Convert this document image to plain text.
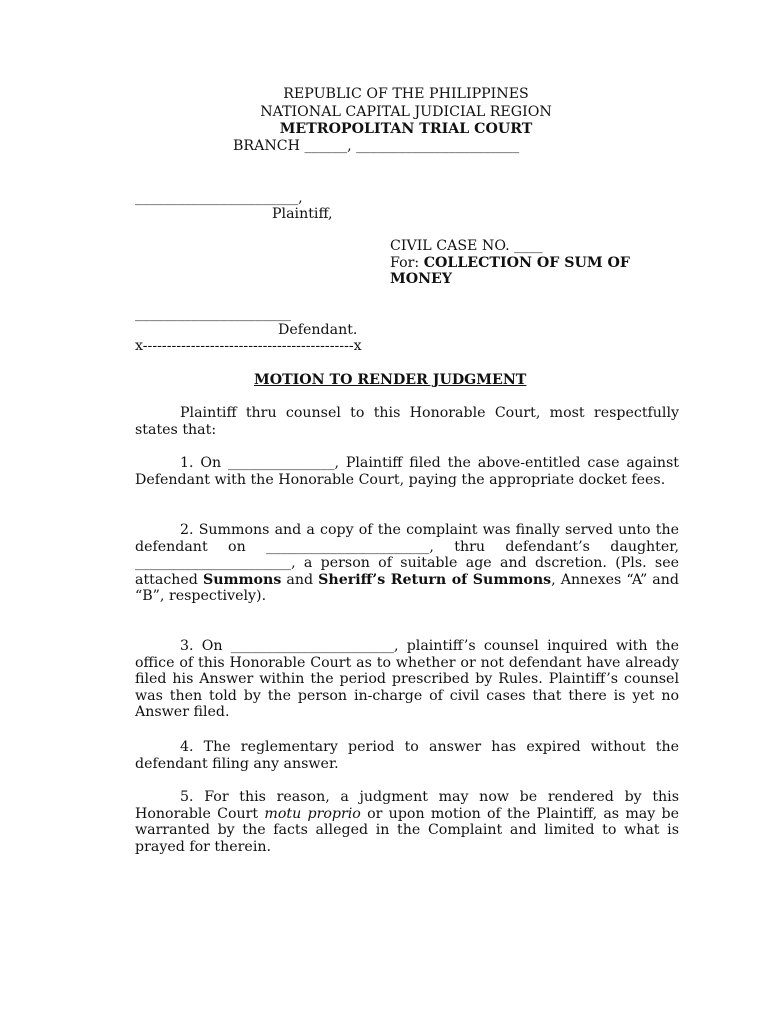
REPUBLIC OF THE PHILIPPINES
NATIONAL CAPITAL JUDICIAL REGION
METROPOLITAN TRIAL COURT
BRANCH ______, _______________________
_______________________,
Plaintiff,
CIVIL CASE NO. ____
For: COLLECTION OF SUM OF
MONEY
______________________
Defendant.
x--------------------------------------------x
MOTION TO RENDER JUDGMENT
Plaintiff thru counsel to this Honorable Court, most respectfully states that:
1. On _______________, Plaintiff filed the above-entitled case against Defendant with the Honorable Court, paying the appropriate docket fees.
2. Summons and a copy of the complaint was finally served unto the defendant on _______________________, thru defendant’s daughter, ______________________, a person of suitable age and dscretion. (Pls. see attached Summons and Sheriff’s Return of Summons, Annexes “A” and “B”, respectively).
3. On _______________________, plaintiff’s counsel inquired with the office of this Honorable Court as to whether or not defendant have already filed his Answer within the period prescribed by Rules. Plaintiff’s counsel was then told by the person in-charge of civil cases that there is yet no Answer filed.
4. The reglementary period to answer has expired without the defendant filing any answer.
5. For this reason, a judgment may now be rendered by this Honorable Court motu proprio or upon motion of the Plaintiff, as may be warranted by the facts alleged in the Complaint and limited to what is prayed for therein.
